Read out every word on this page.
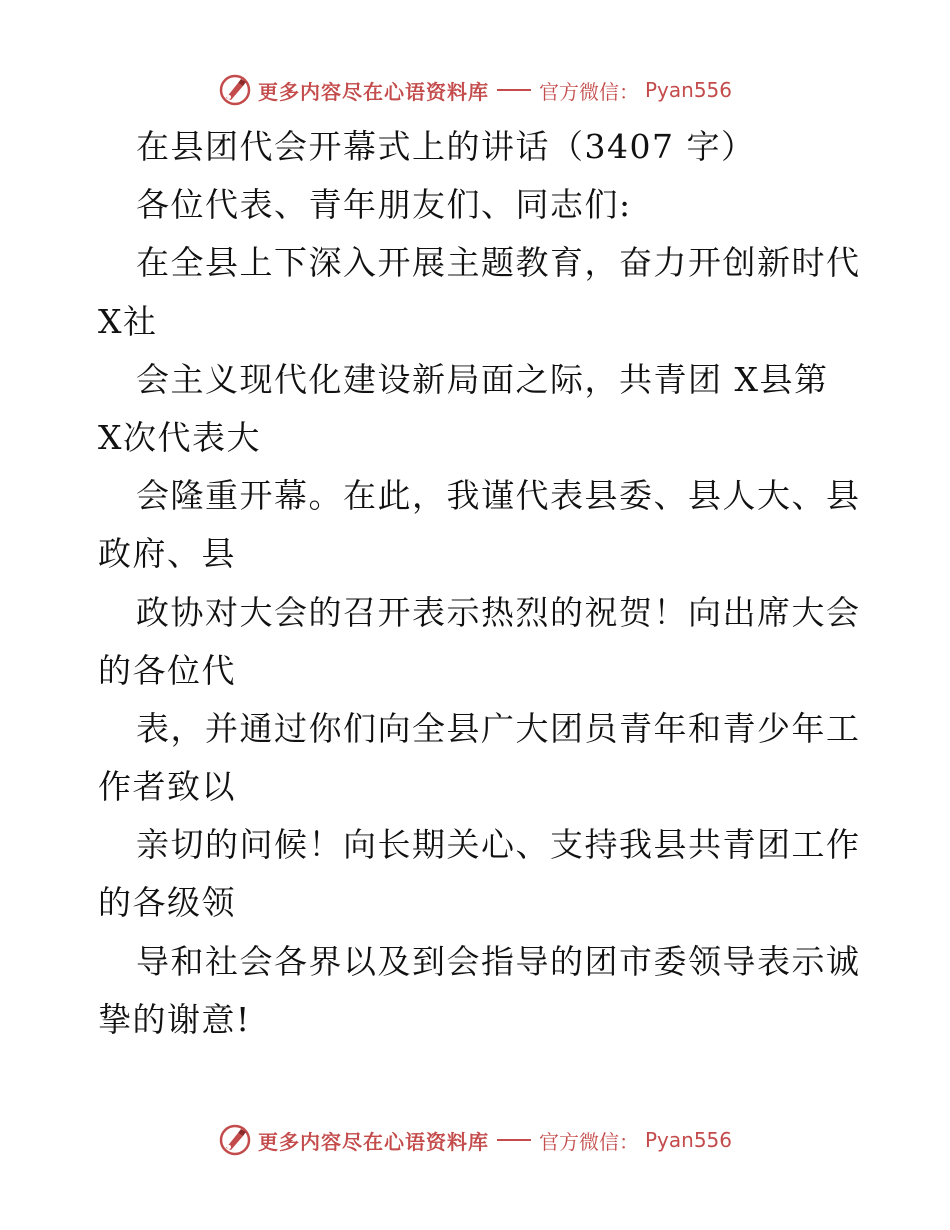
更多内容尽在心语资料库	官方微信： Pyan556
在县团代会开幕式上的讲话（3407 字）
各位代表、青年朋友们、同志们:
在全县上下深入开展主题教育，奋力开创新时代
X社
会主义现代化建设新局面之际，共青团 X县第
X次代表大
会隆重开幕。在此，我谨代表县委、县人大、县
政府、县
政协对大会的召开表示热烈的祝贺！向出席大会
的各位代
表，并通过你们向全县广大团员青年和青少年工
作者致以
亲切的问候！向长期关心、支持我县共青团工作
的各级领
导和社会各界以及到会指导的团市委领导表示诚
挚的谢意!
更多内容尽在心语资料库	官方微信： Pyan556
